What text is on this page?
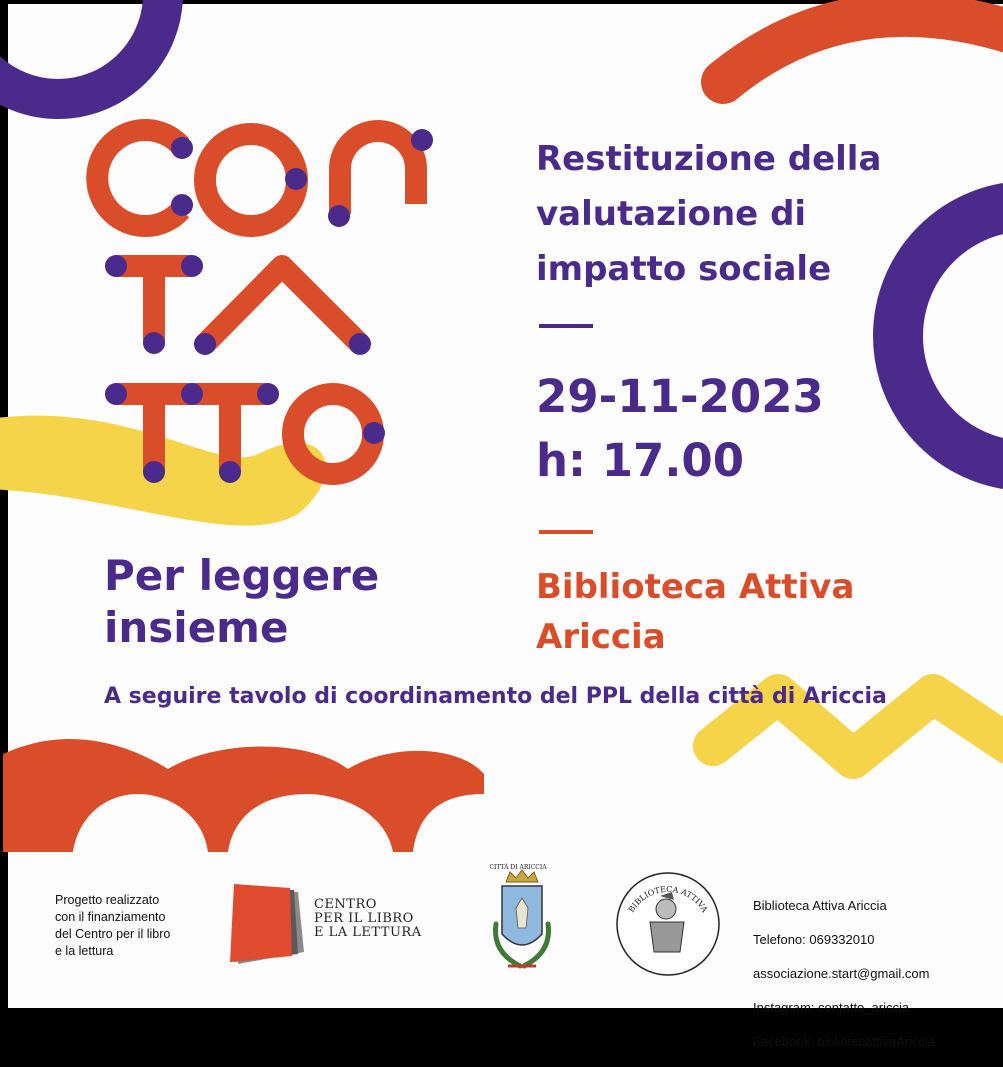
Restituzione della
valutazione di
impatto sociale
29-11-2023
h: 17.00
Biblioteca Attiva
Ariccia
Per leggere
insieme

A seguire tavolo di coordinamento del PPL della città di Ariccia

Progetto realizzato
con il finanziamento
del Centro per il libro
e la lettura
CENTRO
PER IL LIBRO
E LA LETTURA
CITTÀ DI ARICCIA
BIBLIOTECA ATTIVA	Biblioteca Attiva Ariccia

Telefono: 069332010

associazione.start@gmail.com

Instagram: contatto_ariccia

Facebook: bibliotecattivaAriccia
